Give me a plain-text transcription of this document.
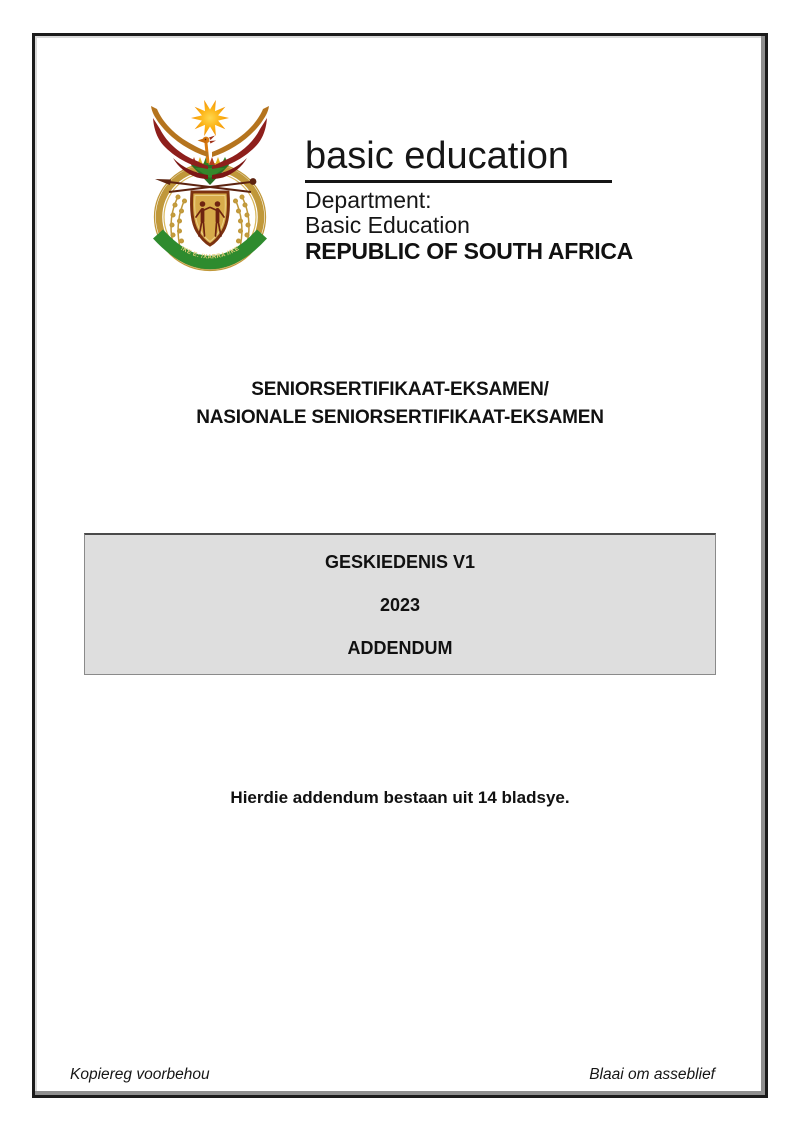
!KE E: /XARRA //KE
basic education
Department:
Basic Education
REPUBLIC OF SOUTH AFRICA
SENIORSERTIFIKAAT-EKSAMEN/
NASIONALE SENIORSERTIFIKAAT-EKSAMEN
GESKIEDENIS V1
2023
ADDENDUM
Hierdie addendum bestaan uit 14 bladsye.
Kopiereg voorbehou	Blaai om asseblief
